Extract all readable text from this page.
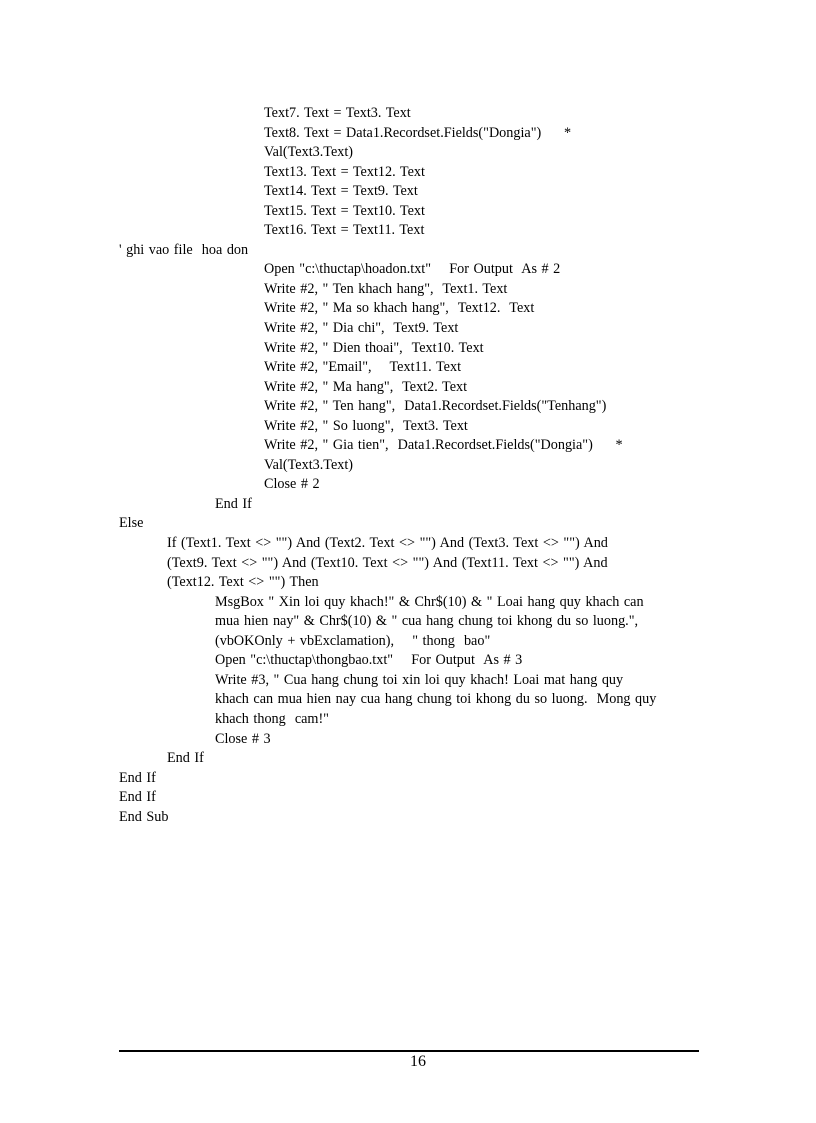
Text7. Text = Text3. Text
Text8. Text = Data1.Recordset.Fields("Dongia")     *
Val(Text3.Text)
Text13. Text = Text12. Text
Text14. Text = Text9. Text
Text15. Text = Text10. Text
Text16. Text = Text11. Text
' ghi vao file  hoa don
Open "c:\thuctap\hoadon.txt"    For Output  As # 2
Write #2, " Ten khach hang",  Text1. Text
Write #2, " Ma so khach hang",  Text12.  Text
Write #2, " Dia chi",  Text9. Text
Write #2, " Dien thoai",  Text10. Text
Write #2, "Email",    Text11. Text
Write #2, " Ma hang",  Text2. Text
Write #2, " Ten hang",  Data1.Recordset.Fields("Tenhang")
Write #2, " So luong",  Text3. Text
Write #2, " Gia tien",  Data1.Recordset.Fields("Dongia")     *
Val(Text3.Text)
Close # 2
End If
Else
If (Text1. Text <> "") And (Text2. Text <> "") And (Text3. Text <> "") And
(Text9. Text <> "") And (Text10. Text <> "") And (Text11. Text <> "") And
(Text12. Text <> "") Then
MsgBox " Xin loi quy khach!" & Chr$(10) & " Loai hang quy khach can
mua hien nay" & Chr$(10) & " cua hang chung toi khong du so luong.",
(vbOKOnly + vbExclamation),    " thong  bao"
Open "c:\thuctap\thongbao.txt"    For Output  As # 3
Write #3, " Cua hang chung toi xin loi quy khach! Loai mat hang quy
khach can mua hien nay cua hang chung toi khong du so luong.  Mong quy
khach thong  cam!"
Close # 3
End If
End If
End If
End Sub
16
